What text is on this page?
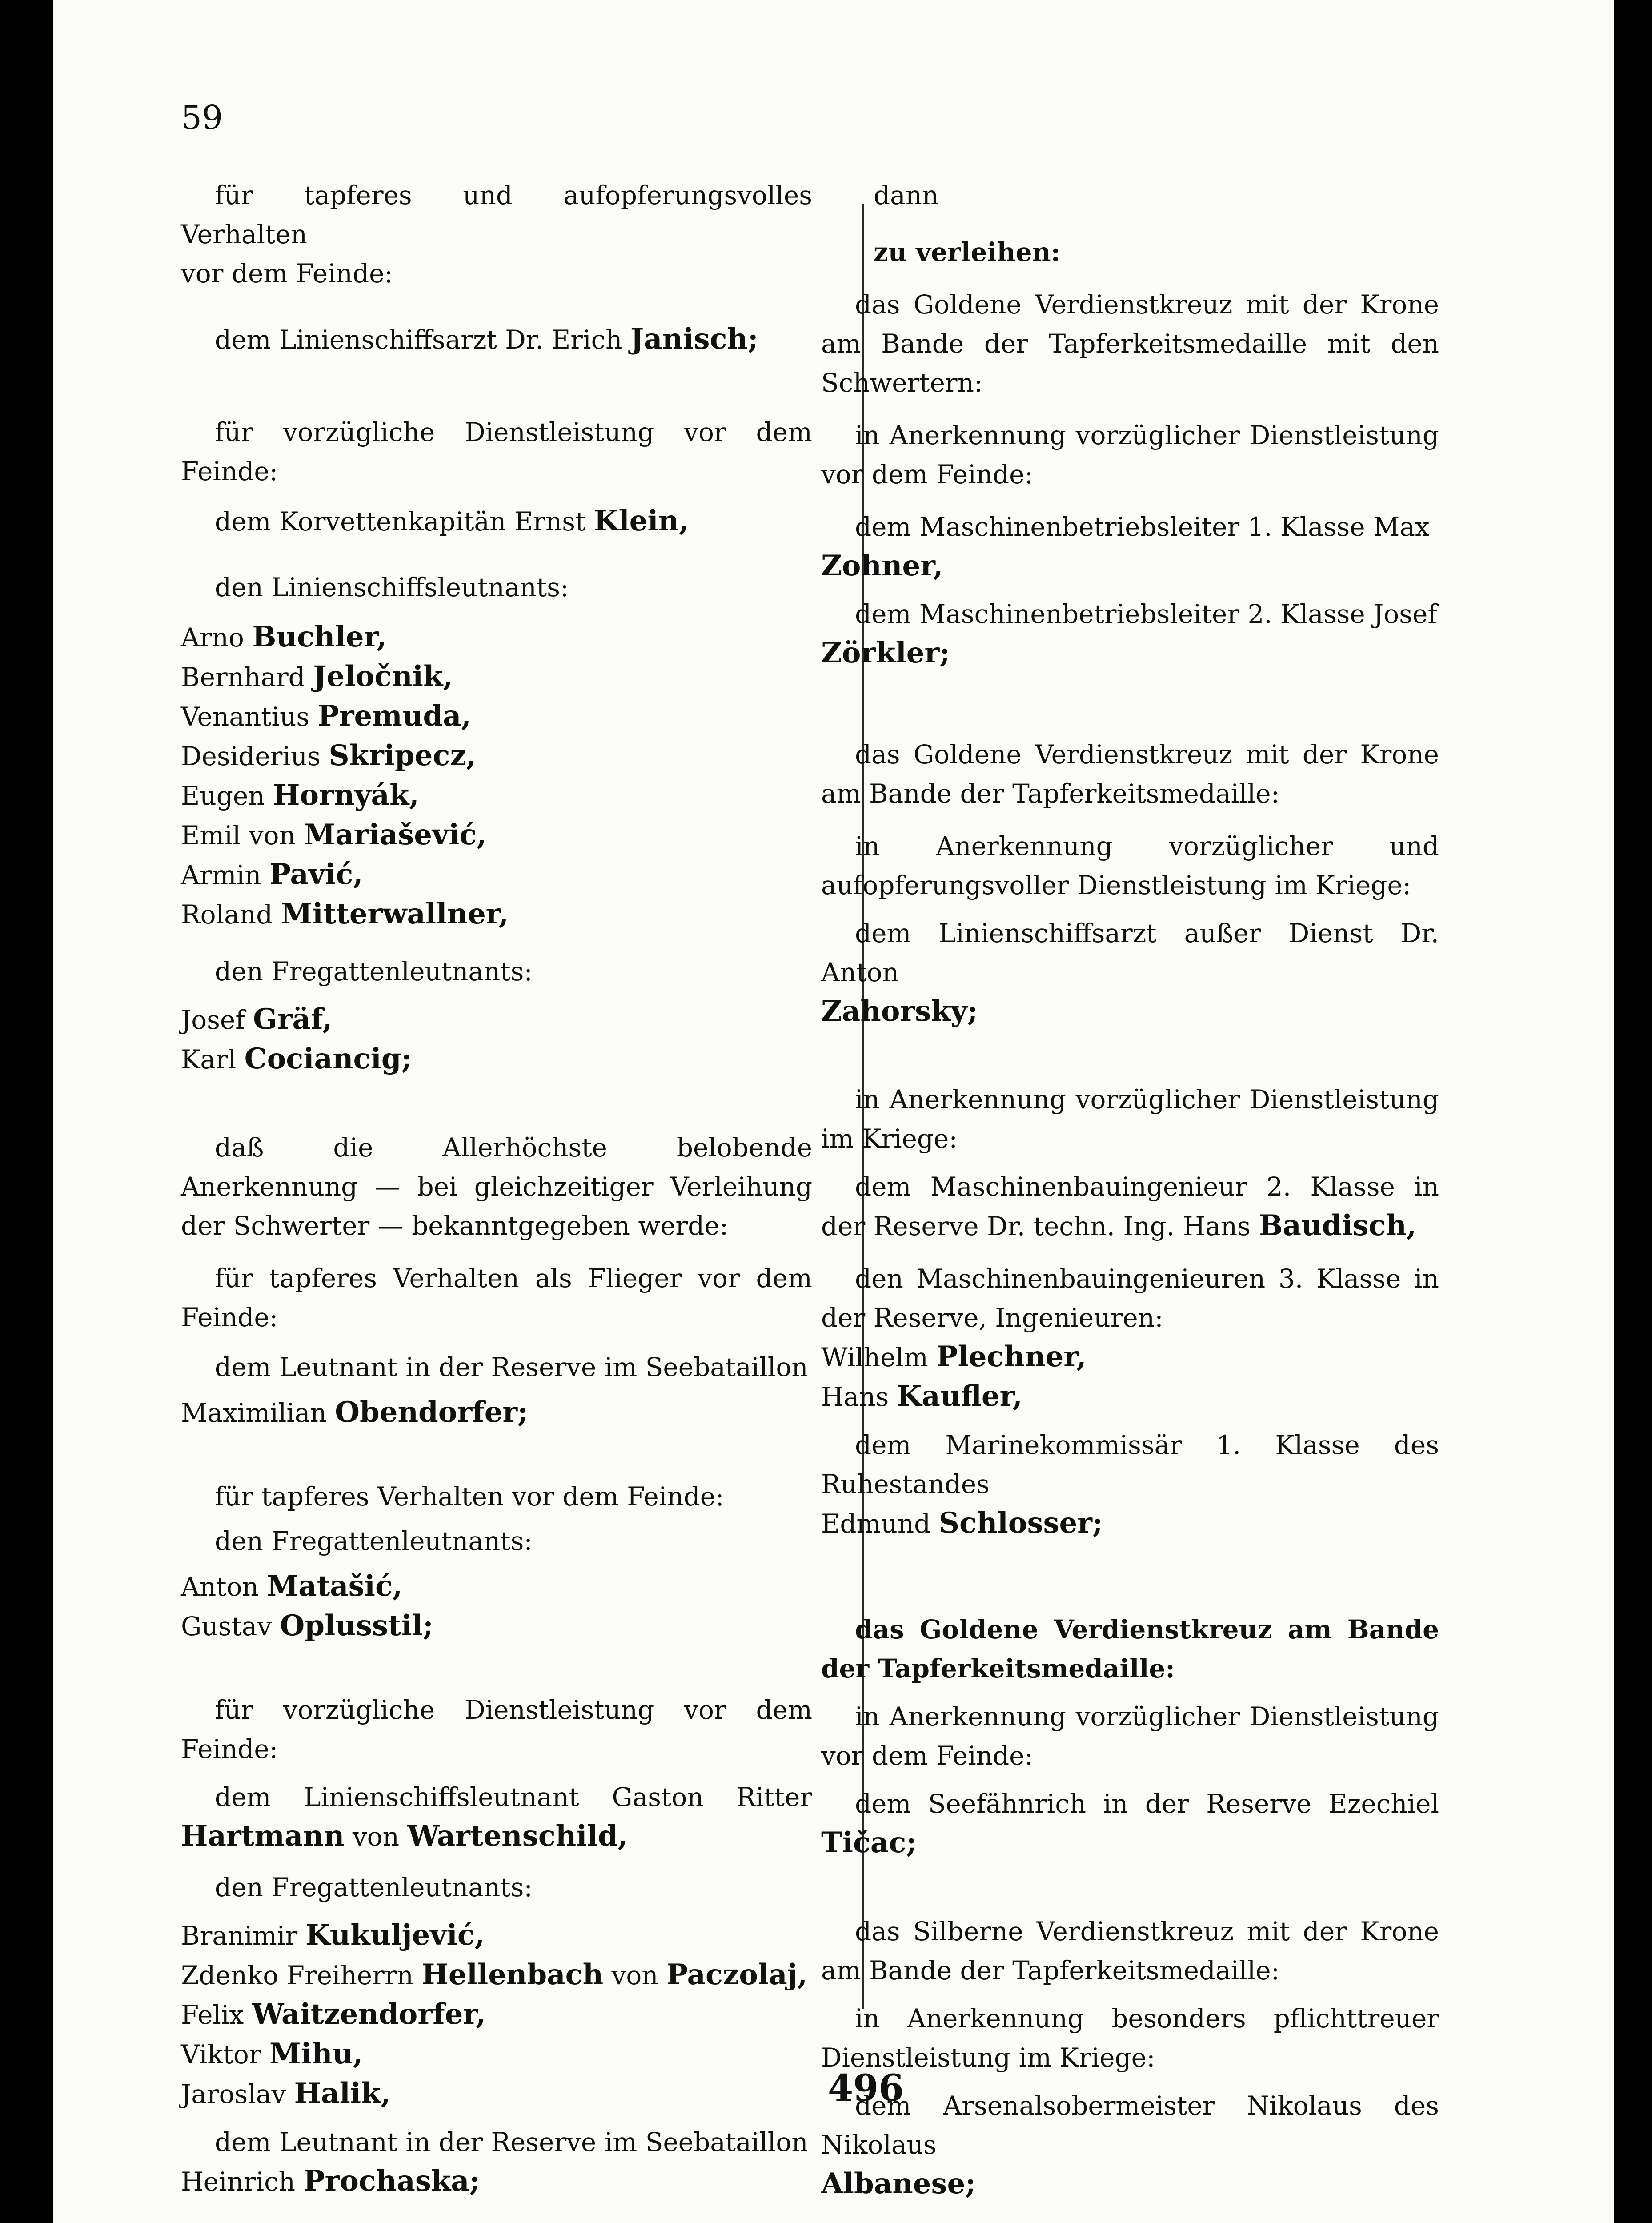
59

für tapferes und aufopferungsvolles Verhalten

vor dem Feinde:

dem Linienschiffsarzt Dr. Erich Janisch;

für vorzügliche Dienstleistung vor dem Feinde:

dem Korvettenkapitän Ernst Klein,

den Linienschiffsleutnants:

Arno Buchler,

Bernhard Jeločnik,

Venantius Premuda,

Desiderius Skripecz,

Eugen Hornyák,

Emil von Mariašević,

Armin Pavić,

Roland Mitterwallner,

den Fregattenleutnants:

Josef Gräf,

Karl Cociancig;

daß die Allerhöchste belobende Anerkennung — bei gleichzeitiger Verleihung der Schwerter — bekanntgegeben werde:

für tapferes Verhalten als Flieger vor dem Feinde:

dem Leutnant in der Reserve im Seebataillon

Maximilian Obendorfer;

für tapferes Verhalten vor dem Feinde:

den Fregattenleutnants:

Anton Matašić,

Gustav Oplusstil;

für vorzügliche Dienstleistung vor dem Feinde:

dem Linienschiffsleutnant Gaston Ritter Hartmann von Wartenschild,

den Fregattenleutnants:

Branimir Kukuljević,

Zdenko Freiherrn Hellenbach von Paczolaj,

Felix Waitzendorfer,

Viktor Mihu,

Jaroslav Halik,

dem Leutnant in der Reserve im Seebataillon

Heinrich Prochaska;

dann

zu verleihen:

das Goldene Verdienstkreuz mit der Krone am Bande der Tapferkeitsmedaille mit den Schwertern:

in Anerkennung vorzüglicher Dienstleistung vor dem Feinde:

dem Maschinenbetriebsleiter 1. Klasse Max

Zohner,

dem Maschinenbetriebsleiter 2. Klasse Josef

Zörkler;

das Goldene Verdienstkreuz mit der Krone am Bande der Tapferkeitsmedaille:

in Anerkennung vorzüglicher und aufopferungsvoller Dienstleistung im Kriege:

dem Linienschiffsarzt außer Dienst Dr. Anton

Zahorsky;

in Anerkennung vorzüglicher Dienstleistung im Kriege:

dem Maschinenbauingenieur 2. Klasse in der Reserve Dr. techn. Ing. Hans Baudisch,

den Maschinenbauingenieuren 3. Klasse in der Reserve, Ingenieuren:

Wilhelm Plechner,

Hans Kaufler,

dem Marinekommissär 1. Klasse des Ruhestandes

Edmund Schlosser;

das Goldene Verdienstkreuz am Bande der Tapferkeitsmedaille:

in Anerkennung vorzüglicher Dienstleistung vor dem Feinde:

dem Seefähnrich in der Reserve Ezechiel Tičac;

das Silberne Verdienstkreuz mit der Krone am Bande der Tapferkeitsmedaille:

in Anerkennung besonders pflichttreuer Dienstleistung im Kriege:

dem Arsenalsobermeister Nikolaus des Nikolaus

Albanese;

496
